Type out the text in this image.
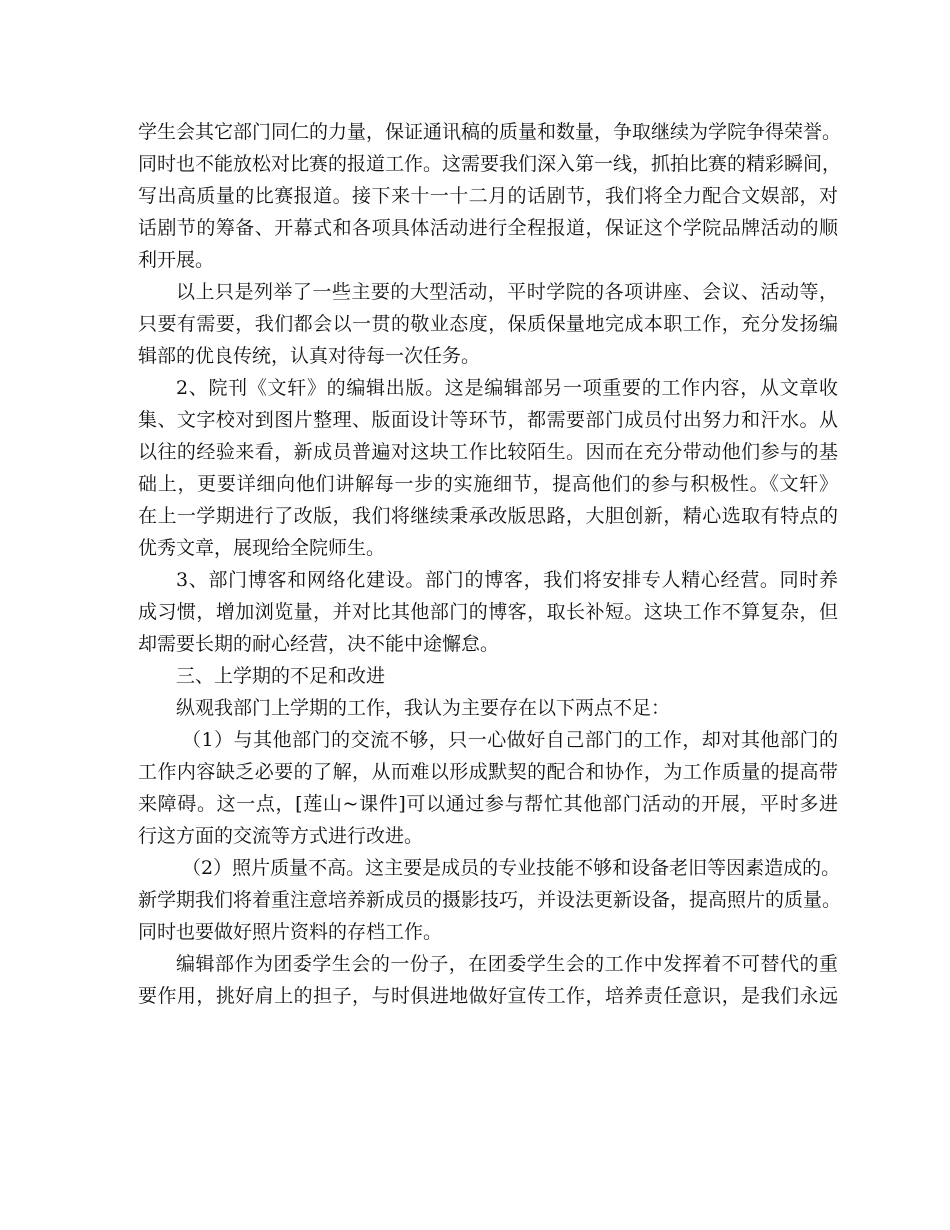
学生会其它部门同仁的力量，保证通讯稿的质量和数量，争取继续为学院争得荣誉。
同时也不能放松对比赛的报道工作。这需要我们深入第一线，抓拍比赛的精彩瞬间，
写出高质量的比赛报道。接下来十一十二月的话剧节，我们将全力配合文娱部，对
话剧节的筹备、开幕式和各项具体活动进行全程报道，保证这个学院品牌活动的顺
利开展。
以上只是列举了一些主要的大型活动，平时学院的各项讲座、会议、活动等，
只要有需要，我们都会以一贯的敬业态度，保质保量地完成本职工作，充分发扬编
辑部的优良传统，认真对待每一次任务。
2、院刊《文轩》的编辑出版。这是编辑部另一项重要的工作内容，从文章收
集、文字校对到图片整理、版面设计等环节，都需要部门成员付出努力和汗水。从
以往的经验来看，新成员普遍对这块工作比较陌生。因而在充分带动他们参与的基
础上，更要详细向他们讲解每一步的实施细节，提高他们的参与积极性。《文轩》
在上一学期进行了改版，我们将继续秉承改版思路，大胆创新，精心选取有特点的
优秀文章，展现给全院师生。
3、部门博客和网络化建设。部门的博客，我们将安排专人精心经营。同时养
成习惯，增加浏览量，并对比其他部门的博客，取长补短。这块工作不算复杂，但
却需要长期的耐心经营，决不能中途懈怠。
三、上学期的不足和改进
纵观我部门上学期的工作，我认为主要存在以下两点不足：
（1）与其他部门的交流不够，只一心做好自己部门的工作，却对其他部门的
工作内容缺乏必要的了解，从而难以形成默契的配合和协作，为工作质量的提高带
来障碍。这一点，[莲山~课件]可以通过参与帮忙其他部门活动的开展，平时多进
行这方面的交流等方式进行改进。
（2）照片质量不高。这主要是成员的专业技能不够和设备老旧等因素造成的。
新学期我们将着重注意培养新成员的摄影技巧，并设法更新设备，提高照片的质量。
同时也要做好照片资料的存档工作。
编辑部作为团委学生会的一份子，在团委学生会的工作中发挥着不可替代的重
要作用，挑好肩上的担子，与时俱进地做好宣传工作，培养责任意识，是我们永远
